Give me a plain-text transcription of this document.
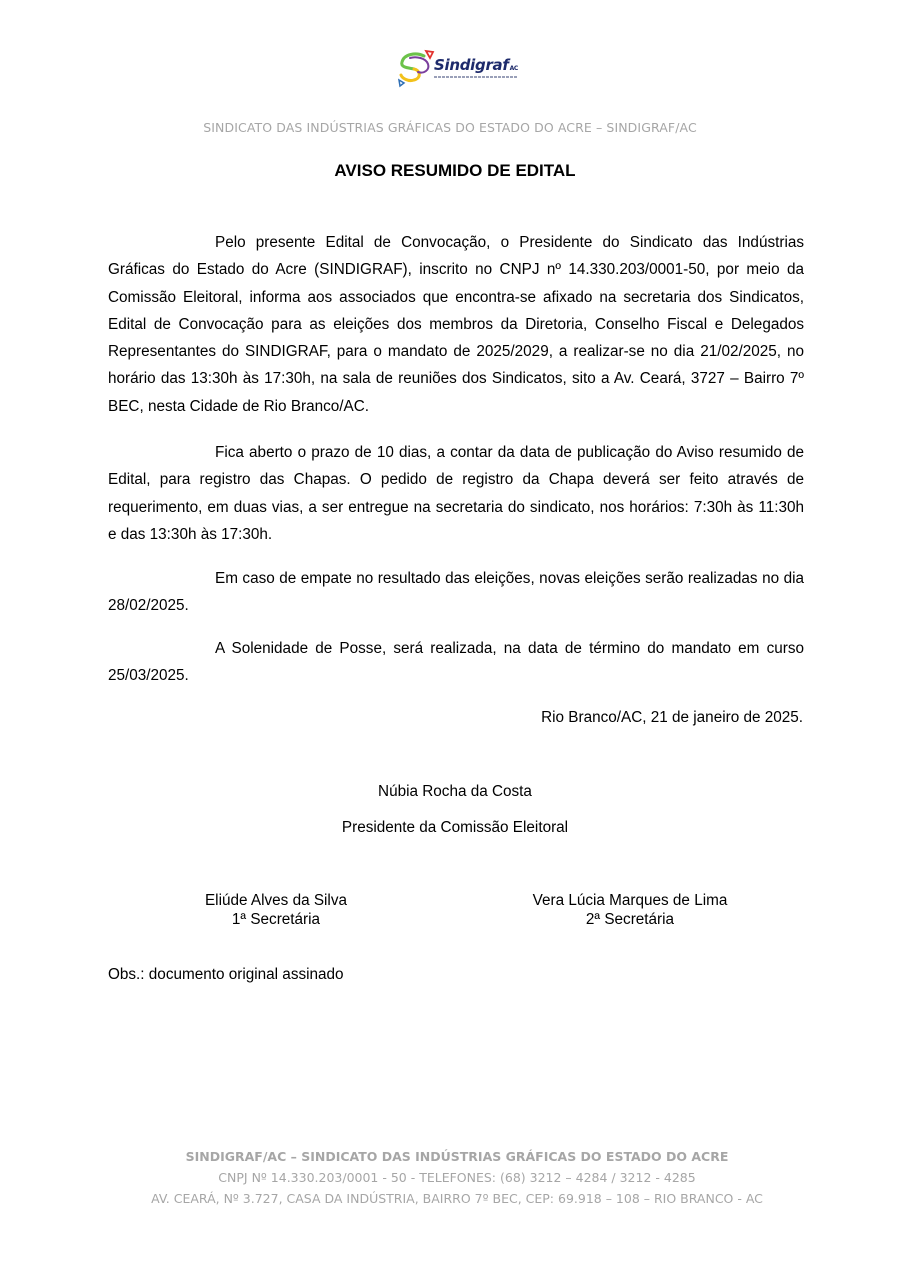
SindigrafAC
SINDICATO DAS INDÚSTRIAS GRÁFICAS DO ESTADO DO ACRE – SINDIGRAF/AC
AVISO RESUMIDO DE EDITAL

Pelo presente Edital de Convocação, o Presidente do Sindicato das Indústrias Gráficas do Estado do Acre (SINDIGRAF), inscrito no CNPJ nº 14.330.203/0001-50, por meio da Comissão Eleitoral, informa aos associados que encontra-se afixado na secretaria dos Sindicatos, Edital de Convocação para as eleições dos membros da Diretoria, Conselho Fiscal e Delegados Representantes do SINDIGRAF, para o mandato de 2025/2029, a realizar-se no dia 21/02/2025, no horário das 13:30h às 17:30h, na sala de reuniões dos Sindicatos, sito a Av. Ceará, 3727 – Bairro 7º BEC, nesta Cidade de Rio Branco/AC.

Fica aberto o prazo de 10 dias, a contar da data de publicação do Aviso resumido de Edital, para registro das Chapas. O pedido de registro da Chapa deverá ser feito através de requerimento, em duas vias, a ser entregue na secretaria do sindicato, nos horários: 7:30h às 11:30h e das 13:30h às 17:30h.

Em caso de empate no resultado das eleições, novas eleições serão realizadas no dia 28/02/2025.

A Solenidade de Posse, será realizada, na data de término do mandato em curso 25/03/2025.

Rio Branco/AC, 21 de janeiro de 2025.
Núbia Rocha da Costa
Presidente da Comissão Eleitoral
Eliúde Alves da Silva
1ª Secretária
Vera Lúcia Marques de Lima
2ª Secretária
Obs.: documento original assinado
SINDIGRAF/AC – SINDICATO DAS INDÚSTRIAS GRÁFICAS DO ESTADO DO ACRE
CNPJ Nº 14.330.203/0001 - 50 - TELEFONES: (68) 3212 – 4284 / 3212 - 4285
AV. CEARÁ, Nº 3.727, CASA DA INDÚSTRIA, BAIRRO 7º BEC, CEP: 69.918 – 108 – RIO BRANCO - AC
